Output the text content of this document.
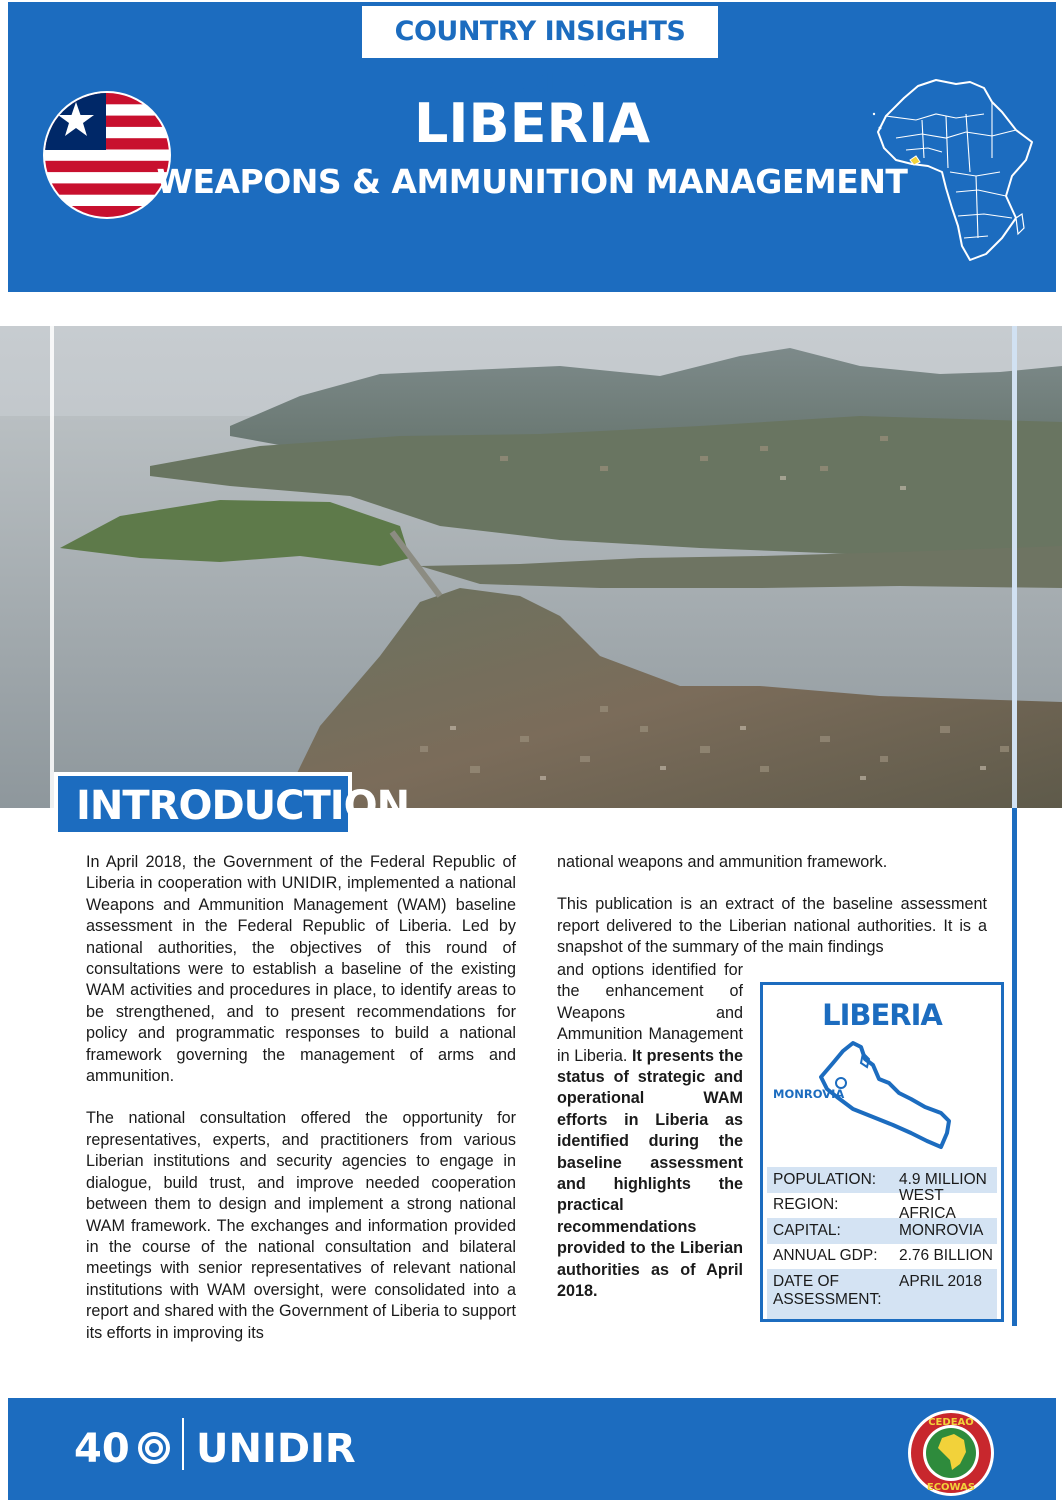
COUNTRY INSIGHTS SERIES
LIBERIA
WEAPONS & AMMUNITION MANAGEMENT
INTRODUCTION

In April 2018, the Government of the Federal Republic of Liberia in cooperation with UNIDIR, implemented a national Weapons and Ammunition Management (WAM) baseline assessment in the Federal Republic of Liberia. Led by national authorities, the objectives of this round of consultations were to establish a baseline of the existing WAM activities and procedures in place, to identify areas to be strengthened, and to present recommendations for policy and programmatic responses to build a national framework governing the management of arms and ammunition.

The national consultation offered the opportunity for representatives, experts, and practitioners from various Liberian institutions and security agencies to engage in dialogue, build trust, and improve needed cooperation between them to design and implement a strong national WAM framework. The exchanges and information provided in the course of the national consultation and bilateral meetings with senior representatives of relevant national institutions with WAM oversight, were consolidated into a report and shared with the Government of Liberia to support its efforts in improving its

national weapons and ammunition framework.

This publication is an extract of the baseline assessment report delivered to the Liberian national authorities. It is a snapshot of the summary of the main findings

and options identified for the enhancement of Weapons and Ammunition Management in Liberia. It presents the status of strategic and operational WAM efforts in Liberia as identified during the baseline assessment and highlights the practical recommendations provided to the Liberian authorities as of April 2018.
LIBERIA
MONROVIA
POPULATION:	4.9 MILLION
REGION:
WEST AFRICA
CAPITAL:	MONROVIA
ANNUAL GDP:	2.76 BILLION
DATE OF ASSESSMENT:
APRIL 2018
40 UNIDIR
CEDEAO
ECOWAS
